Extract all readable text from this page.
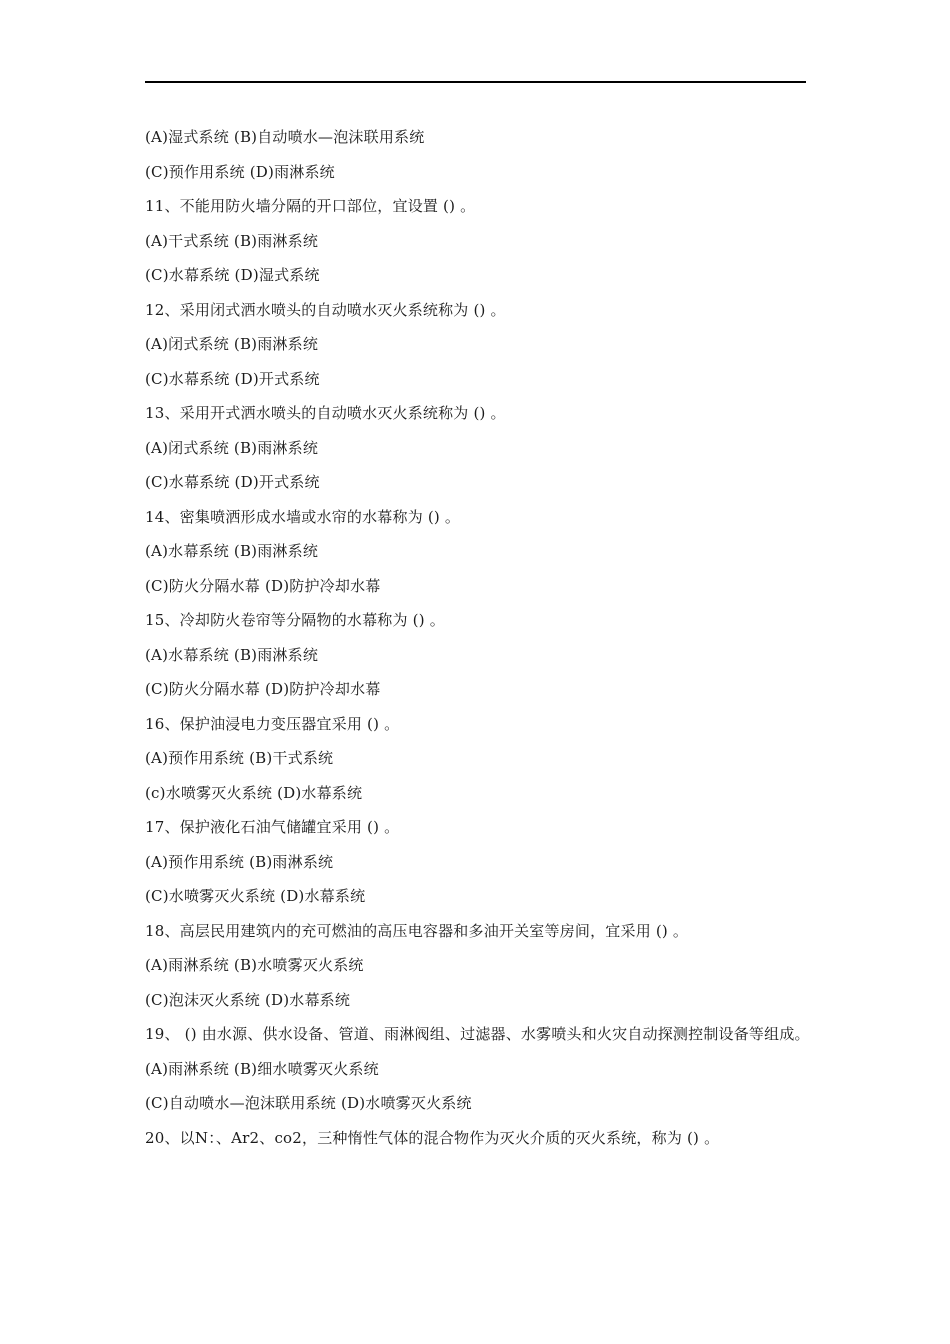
(A)湿式系统 (B)自动喷水—泡沫联用系统
(C)预作用系统 (D)雨淋系统
11、不能用防火墙分隔的开口部位，宜设置 () 。
(A)干式系统 (B)雨淋系统
(C)水幕系统 (D)湿式系统
12、采用闭式洒水喷头的自动喷水灭火系统称为 () 。
(A)闭式系统 (B)雨淋系统
(C)水幕系统 (D)开式系统
13、采用开式洒水喷头的自动喷水灭火系统称为 () 。
(A)闭式系统 (B)雨淋系统
(C)水幕系统 (D)开式系统
14、密集喷洒形成水墙或水帘的水幕称为 () 。
(A)水幕系统 (B)雨淋系统
(C)防火分隔水幕 (D)防护冷却水幕
15、冷却防火卷帘等分隔物的水幕称为 () 。
(A)水幕系统 (B)雨淋系统
(C)防火分隔水幕 (D)防护冷却水幕
16、保护油浸电力变压器宜采用 () 。
(A)预作用系统 (B)干式系统
(c)水喷雾灭火系统 (D)水幕系统
17、保护液化石油气储罐宜采用 () 。
(A)预作用系统 (B)雨淋系统
(C)水喷雾灭火系统 (D)水幕系统
18、高层民用建筑内的充可燃油的高压电容器和多油开关室等房间，宜采用 () 。
(A)雨淋系统 (B)水喷雾灭火系统
(C)泡沫灭火系统 (D)水幕系统
19、 () 由水源、供水设备、管道、雨淋阀组、过滤器、水雾喷头和火灾自动探测控制设备等组成。
(A)雨淋系统 (B)细水喷雾灭火系统
(C)自动喷水—泡沫联用系统 (D)水喷雾灭火系统
20、以N：、Ar2、co2，三种惰性气体的混合物作为灭火介质的灭火系统，称为 () 。
